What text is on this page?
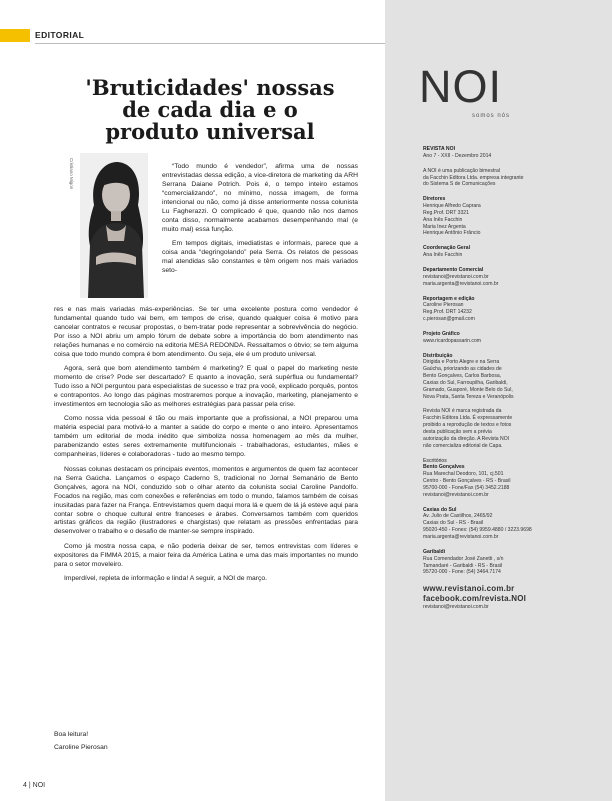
EDITORIAL
'Bruticidades' nossas
de cada dia e o
produto universal
Cristiano Migon	“Todo mundo é vendedor”, afirma uma de nossas entrevistadas dessa edição, a vice-diretora de marketing da ARH Serrana Daiane Potrich. Pois é, o tempo inteiro estamos “comercializando”, no mínimo, nossa imagem, de forma intencional ou não, como já disse anteriormente nossa colunista Lu Fagherazzi. O complicado é que, quando não nos damos conta disso, normalmente acabamos desempenhando mal (e muito mal) essa função.

Em tempos digitais, imediatistas e informais, parece que a coisa anda “degringolando” pela Serra. Os relatos de pessoas mal atendidas são constantes e têm origem nos mais variados seto-

res e nas mais variadas más-experiências. Se ter uma excelente postura como vendedor é fundamental quando tudo vai bem, em tempos de crise, quando qualquer coisa é motivo para cancelar contratos e recusar propostas, o bem-tratar pode representar a sobrevivência do negócio. Por isso a NOI abriu um amplo fórum de debate sobre a importância do bom atendimento nas relações humanas e no comércio na editoria MESA REDONDA. Ressaltamos o óbvio; se tem alguma coisa que todo mundo compra é bom atendimento. Ou seja, ele é um produto universal.

Agora, será que bom atendimento também é marketing? E qual o papel do marketing neste momento de crise? Pode ser descartado? E quanto a inovação, será supérflua ou fundamental? Tudo isso a NOI perguntou para especialistas de sucesso e traz pra você, explicado porquês, pontos e contrapontos. Ao longo das páginas mostraremos porque a inovação, marketing, planejamento e investimentos em tecnologia são as melhores estratégias para passar pela crise.

Como nossa vida pessoal é tão ou mais importante que a profissional, a NOI preparou uma matéria especial para motivá-lo a manter a saúde do corpo e mente o ano inteiro. Apresentamos também um editorial de moda inédito que simboliza nossa homenagem ao mês da mulher, parabenizando estes seres extremamente multifuncionais - trabalhadoras, estudantes, mães e companheiras, líderes e colaboradoras - tudo ao mesmo tempo.

Nossas colunas destacam os principais eventos, momentos e argumentos de quem faz acontecer na Serra Gaúcha. Lançamos o espaço Caderno S, tradicional no Jornal Semanário de Bento Gonçalves, agora na NOI, conduzido sob o olhar atento da colunista social Caroline Pandolfo. Focados na região, mas com conexões e referências em todo o mundo, falamos também de coisas inusitadas para fazer na França. Entrevistamos quem daqui mora lá e quem de lá já esteve aqui para contar sobre o choque cultural entre franceses e árabes. Conversamos também com queridos artistas gráficos da região (ilustradores e chargistas) que relatam as pressões enfrentadas para desenvolver o trabalho e o desafio de manter-se sempre inspirado.

Como já mostra nossa capa, e não poderia deixar de ser, temos entrevistas com líderes e expositores da FIMMA 2015, a maior feira da América Latina e uma das mais importantes no mundo para o setor moveleiro.

Imperdível, repleta de informação e linda! A seguir, a NOI de março.

Boa leitura!
Caroline Pierosan
4 | NOI
NOI
somos nós
REVISTA NOI
Ano 7 - XXII - Dezembro 2014
A NOI é uma publicação bimestral
da Facchin Editora Ltda. empresa integrante
do Sistema S de Comunicações
Diretores
Henrique Alfredo Caprara
Reg.Prof. DRT 3321
Ana Inês Facchin
Maria Inez Argenta
Henrique Antônio Frâncio
Coordenação Geral
Ana Inês Facchin
Departamento Comercial
revistanoi@revistanoi.com.br
maria.argenta@revistanoi.com.br
Reportagem e edição
Caroline Pierosan
Reg.Prof. DRT 14232
c.pierosan@gmail.com
Projeto Gráfico
www.ricardopassarin.com
Distribuição
Dirigida e Porto Alegre e na Serra
Gaúcha, priorizando as cidades de
Bento Gonçalves, Carlos Barbosa,
Caxias do Sul, Farroupilha, Garibaldi,
Gramado, Guaporé, Monte Belo do Sul,
Nova Prata, Santa Tereza e Veranópolis
Revista NOI é marca registrada da
Facchin Editora Ltda. É expressamente
proibido a reprodução de textos e fotos
desta publicação sem a prévia
autorização da direção. A Revista NOI
não comercializa editorial de Capa.
Escritórios
Bento Gonçalves
Rua Marechal Deodoro, 101, cj.501
Centro - Bento Gonçalves - RS - Brasil
95700-000 - Fone/Fax (54) 3452.2188
revistanoi@revistanoi.com.br
Caxias do Sul
Av. Julio de Castilhos, 2465/92
Caxias do Sul - RS - Brasil
95020-450 - Fones: (54) 9959.4880 / 3223.9698
maria.argenta@revistanoi.com.br
Garibaldi
Rua Comendador José Zanetti , s/n
Tamandaré - Garibaldi - RS - Brasil
95720-000 - Fone: (54) 3464.7174
www.revistanoi.com.br
facebook.com/revista.NOI
revistanoi@revistanoi.com.br
